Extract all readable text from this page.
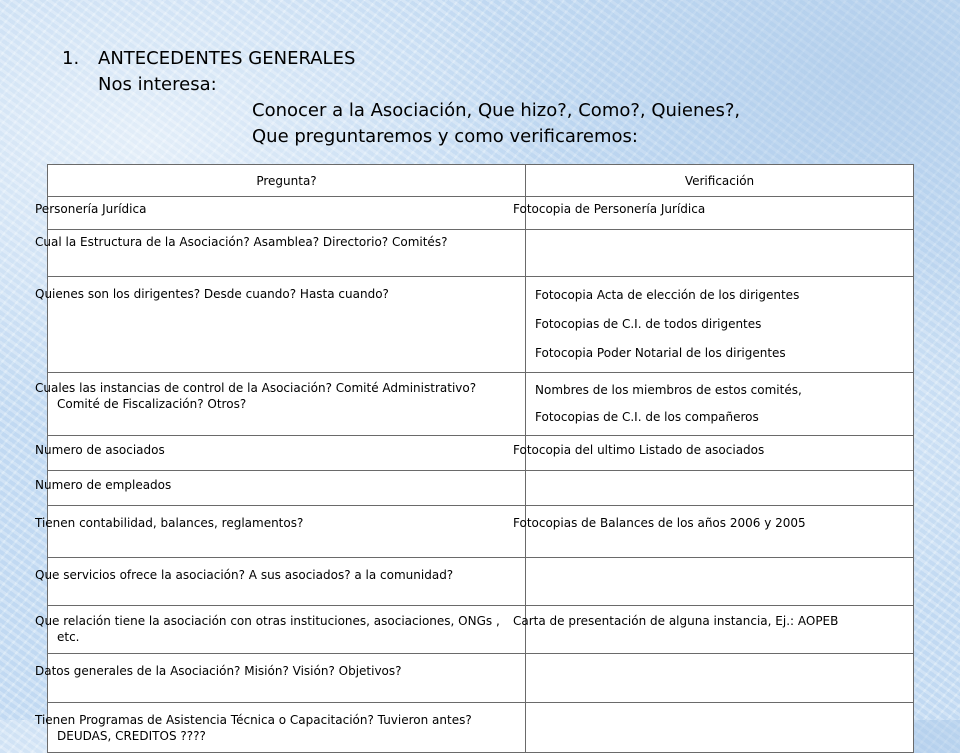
1. ANTECEDENTES GENERALES
Nos interesa:
Conocer a la Asociación, Que hizo?, Como?, Quienes?,
Que preguntaremos y como verificaremos:
Pregunta?	Verificación
Personería Jurídica	Fotocopia de Personería Jurídica
Cual la Estructura de la Asociación? Asamblea? Directorio? Comités?	
Quienes son los dirigentes? Desde cuando? Hasta cuando?	Fotocopia Acta de elección de los dirigentes
Fotocopias de C.I. de todos dirigentes
Fotocopia Poder Notarial de los dirigentes

Cuales las instancias de control de la Asociación? Comité Administrativo? Comité de Fiscalización? Otros?	Nombres de los miembros de estos comités,
Fotocopias de C.I. de los compañeros

Numero de asociados	Fotocopia del ultimo Listado de asociados
Numero de empleados	
Tienen contabilidad, balances, reglamentos?	Fotocopias de Balances de los años 2006 y 2005
Que servicios ofrece la asociación? A sus asociados? a la comunidad?	
Que relación tiene la asociación con otras instituciones, asociaciones, ONGs , etc.	Carta de presentación de alguna instancia, Ej.: AOPEB
Datos generales de la Asociación? Misión? Visión? Objetivos?	
Tienen Programas de Asistencia Técnica o Capacitación? Tuvieron antes? DEUDAS, CREDITOS ????	
